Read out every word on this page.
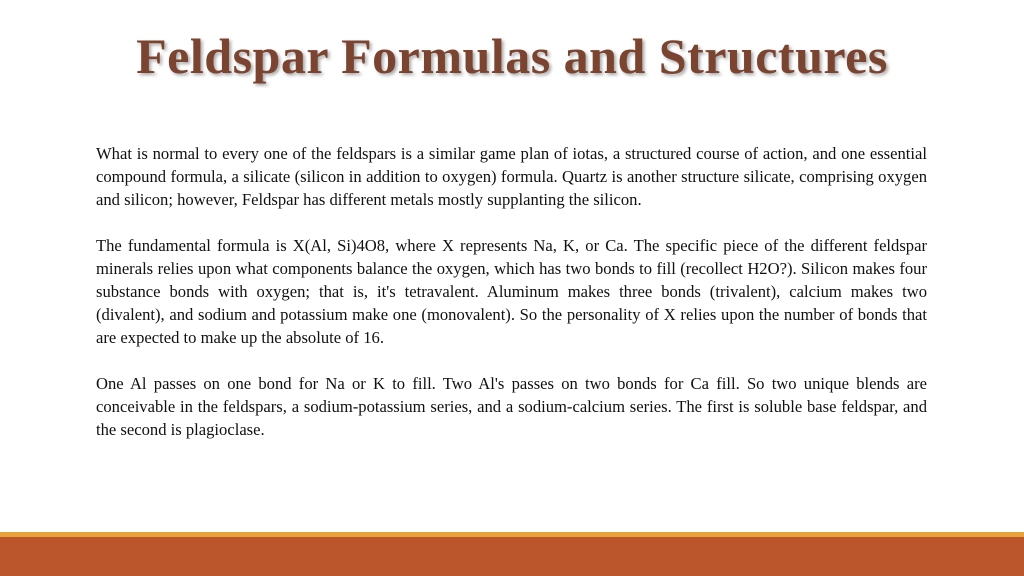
Feldspar Formulas and Structures

What is normal to every one of the feldspars is a similar game plan of iotas, a structured course of action, and one essential compound formula, a silicate (silicon in addition to oxygen) formula. Quartz is another structure silicate, comprising oxygen and silicon; however, Feldspar has different metals mostly supplanting the silicon.

The fundamental formula is X(Al, Si)4O8, where X represents Na, K, or Ca. The specific piece of the different feldspar minerals relies upon what components balance the oxygen, which has two bonds to fill (recollect H2O?). Silicon makes four substance bonds with oxygen; that is, it's tetravalent. Aluminum makes three bonds (trivalent), calcium makes two (divalent), and sodium and potassium make one (monovalent). So the personality of X relies upon the number of bonds that are expected to make up the absolute of 16.

One Al passes on one bond for Na or K to fill. Two Al's passes on two bonds for Ca fill. So two unique blends are conceivable in the feldspars, a sodium-potassium series, and a sodium-calcium series. The first is soluble base feldspar, and the second is plagioclase.
